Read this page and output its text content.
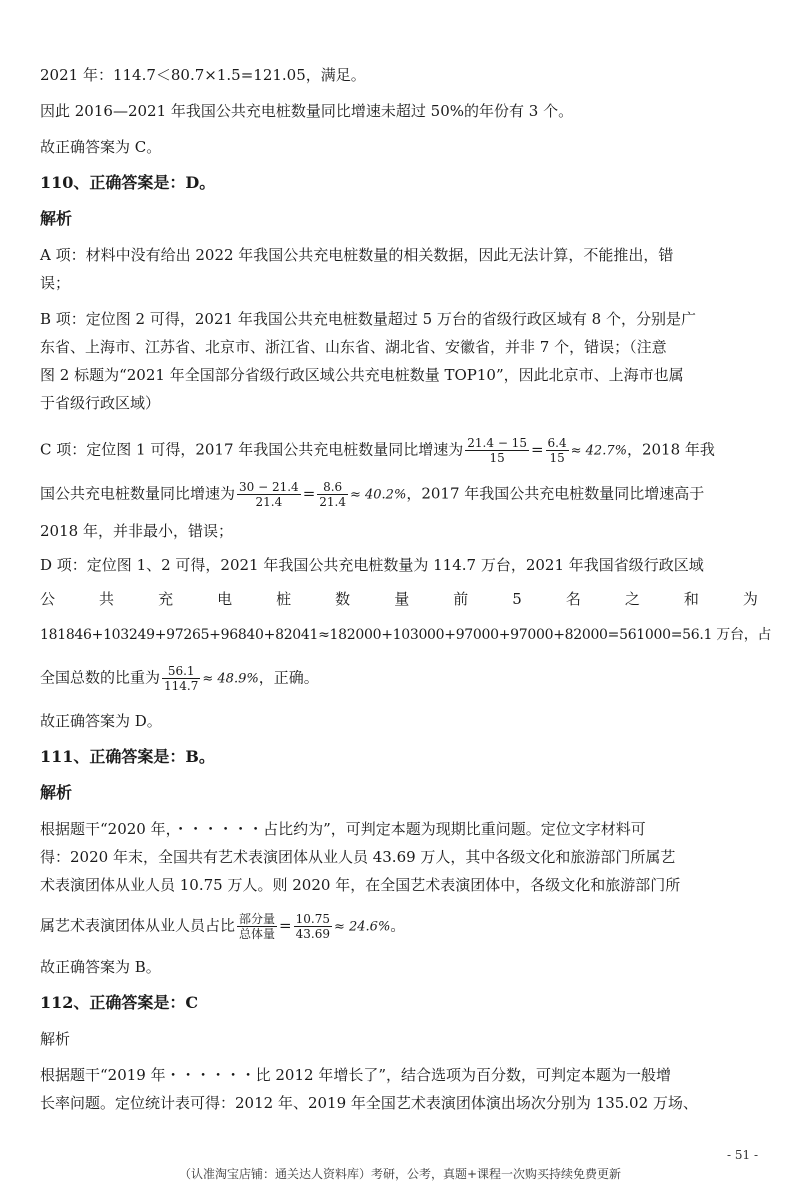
2021 年：114.7＜80.7×1.5=121.05，满足。
因此 2016—2021 年我国公共充电桩数量同比增速未超过 50%的年份有 3 个。
故正确答案为 C。
110、正确答案是：D。
解析
A 项：材料中没有给出 2022 年我国公共充电桩数量的相关数据，因此无法计算，不能推出，错
误；
B 项：定位图 2 可得，2021 年我国公共充电桩数量超过 5 万台的省级行政区域有 8 个，分别是广
东省、上海市、江苏省、北京市、浙江省、山东省、湖北省、安徽省，并非 7 个，错误；（注意
图 2 标题为“2021 年全国部分省级行政区域公共充电桩数量 TOP10”，因此北京市、上海市也属
于省级行政区域）
C 项：定位图 1 可得，2017 年我国公共充电桩数量同比增速为 $\frac{21.4 - 15}{15} = \frac{6.4}{15} \approx 42.7\%$，2018 年我
国公共充电桩数量同比增速为 $\frac{30 - 21.4}{21.4} = \frac{8.6}{21.4} \approx 40.2\%$，2017 年我国公共充电桩数量同比增速高于
2018 年，并非最小，错误；
D 项：定位图 1、2 可得，2021 年我国公共充电桩数量为 114.7 万台，2021 年我国省级行政区域
公	共	充	电	桩	数	量	前	5	名	之	和	为
181846+103249+97265+96840+82041≈182000+103000+97000+97000+82000=561000=56.1 万台，占
全国总数的比重为 $\frac{56.1}{114.7} \approx 48.9\%$，正确。
故正确答案为 D。
111、正确答案是：B。
解析
根据题干“2020 年，・・・・・・占比约为”，可判定本题为现期比重问题。定位文字材料可
得：2020 年末，全国共有艺术表演团体从业人员 43.69 万人，其中各级文化和旅游部门所属艺
术表演团体从业人员 10.75 万人。则 2020 年，在全国艺术表演团体中，各级文化和旅游部门所
属艺术表演团体从业人员占比 $\frac{\text{部分量}}{\text{总体量}} = \frac{10.75}{43.69} \approx 24.6\%$。
故正确答案为 B。
112、正确答案是：C
解析
根据题干“2019 年・・・・・・比 2012 年增长了”，结合选项为百分数，可判定本题为一般增
长率问题。定位统计表可得：2012 年、2019 年全国艺术表演团体演出场次分别为 135.02 万场、
- 51 -
（认准淘宝店铺：通关达人资料库）考研，公考，真题+课程一次购买持续免费更新
